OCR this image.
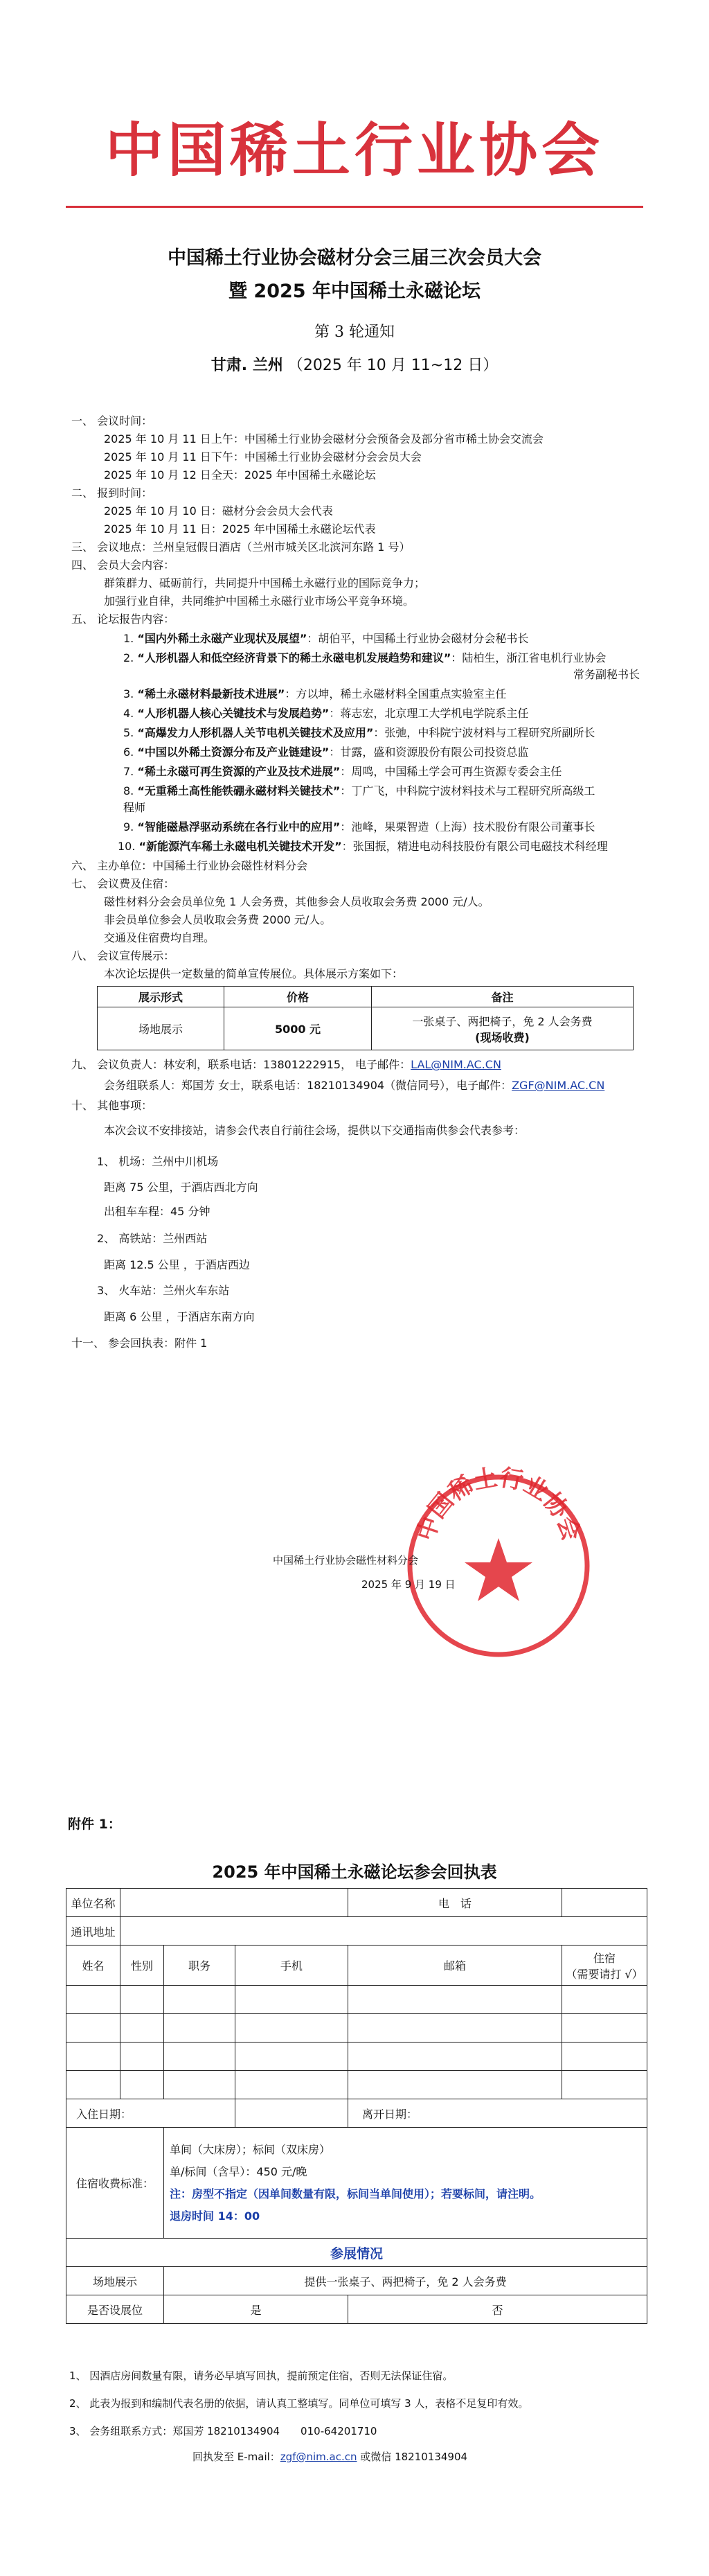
中国稀土行业协会
中国稀土行业协会磁材分会三届三次会员大会
暨 2025 年中国稀土永磁论坛
第 3 轮通知
甘肃. 兰州 （2025 年 10 月 11~12 日）
一、 会议时间：
2025 年 10 月 11 日上午：中国稀土行业协会磁材分会预备会及部分省市稀土协会交流会
2025 年 10 月 11 日下午：中国稀土行业协会磁材分会会员大会
2025 年 10 月 12 日全天：2025 年中国稀土永磁论坛
二、 报到时间：
2025 年 10 月 10 日：磁材分会会员大会代表
2025 年 10 月 11 日：2025 年中国稀土永磁论坛代表
三、 会议地点：兰州皇冠假日酒店（兰州市城关区北滨河东路 1 号）
四、 会员大会内容：
群策群力、砥砺前行，共同提升中国稀土永磁行业的国际竞争力；
加强行业自律，共同维护中国稀土永磁行业市场公平竞争环境。
五、 论坛报告内容：
1. “国内外稀土永磁产业现状及展望”：胡伯平，中国稀土行业协会磁材分会秘书长
2. “人形机器人和低空经济背景下的稀土永磁电机发展趋势和建议”：陆柏生，浙江省电机行业协会
常务副秘书长
3. “稀土永磁材料最新技术进展”：方以坤，稀土永磁材料全国重点实验室主任
4. “人形机器人核心关键技术与发展趋势”：蒋志宏，北京理工大学机电学院系主任
5. “高爆发力人形机器人关节电机关键技术及应用”：张弛，中科院宁波材料与工程研究所副所长
6. “中国以外稀土资源分布及产业链建设”：甘露，盛和资源股份有限公司投资总监
7. “稀土永磁可再生资源的产业及技术进展”：周鸣，中国稀土学会可再生资源专委会主任
8. “无重稀土高性能铁硼永磁材料关键技术”：丁广飞，中科院宁波材料技术与工程研究所高级工
程师
9. “智能磁悬浮驱动系统在各行业中的应用”：池峰，果栗智造（上海）技术股份有限公司董事长
10. “新能源汽车稀土永磁电机关键技术开发”：张国振，精进电动科技股份有限公司电磁技术科经理
六、 主办单位：中国稀土行业协会磁性材料分会
七、 会议费及住宿：
磁性材料分会会员单位免 1 人会务费，其他参会人员收取会务费 2000 元/人。
非会员单位参会人员收取会务费 2000 元/人。
交通及住宿费均自理。
八、 会议宣传展示：
本次论坛提供一定数量的简单宣传展位。具体展示方案如下：
展示形式	价格	备注
场地展示	5000 元	一张桌子、两把椅子，免 2 人会务费
(现场收费)
九、 会议负责人：林安利，联系电话：13801222915， 电子邮件：LAL@NIM.AC.CN
会务组联系人：郑国芳 女士，联系电话：18210134904（微信同号），电子邮件：ZGF@NIM.AC.CN
十、 其他事项：
本次会议不安排接站，请参会代表自行前往会场，提供以下交通指南供参会代表参考：
1、 机场：兰州中川机场
距离 75 公里，于酒店西北方向
出租车车程：45 分钟
2、 高铁站：兰州西站
距离 12.5 公里 ，于酒店西边
3、 火车站：兰州火车东站
距离 6 公里 ，于酒店东南方向
十一、 参会回执表：附件 1
中国稀土行业协会
中国稀土行业协会磁性材料分会
2025 年 9 月 19 日
附件 1：
2025 年中国稀土永磁论坛参会回执表
单位名称				电　话	
通讯地址					
姓名	性别	职务	手机	邮箱	住宿
（需要请打 √）

入住日期：				离开日期：	
住宿收费标准：		单间（大床房）；标间（双床房）
单/标间（含早）：450 元/晚
注：房型不指定（因单间数量有限，标间当单间使用）；若要标间，请注明。
退房时间 14：00			

参展情况					
场地展示		提供一张桌子、两把椅子，免 2 人会务费			
是否设展位		是		否	
1、 因酒店房间数量有限，请务必早填写回执，提前预定住宿，否则无法保证住宿。
2、 此表为报到和编制代表名册的依据，请认真工整填写。同单位可填写 3 人，表格不足复印有效。
3、 会务组联系方式：郑国芳 18210134904　　010-64201710
回执发至 E-mail：zgf@nim.ac.cn 或微信 18210134904
